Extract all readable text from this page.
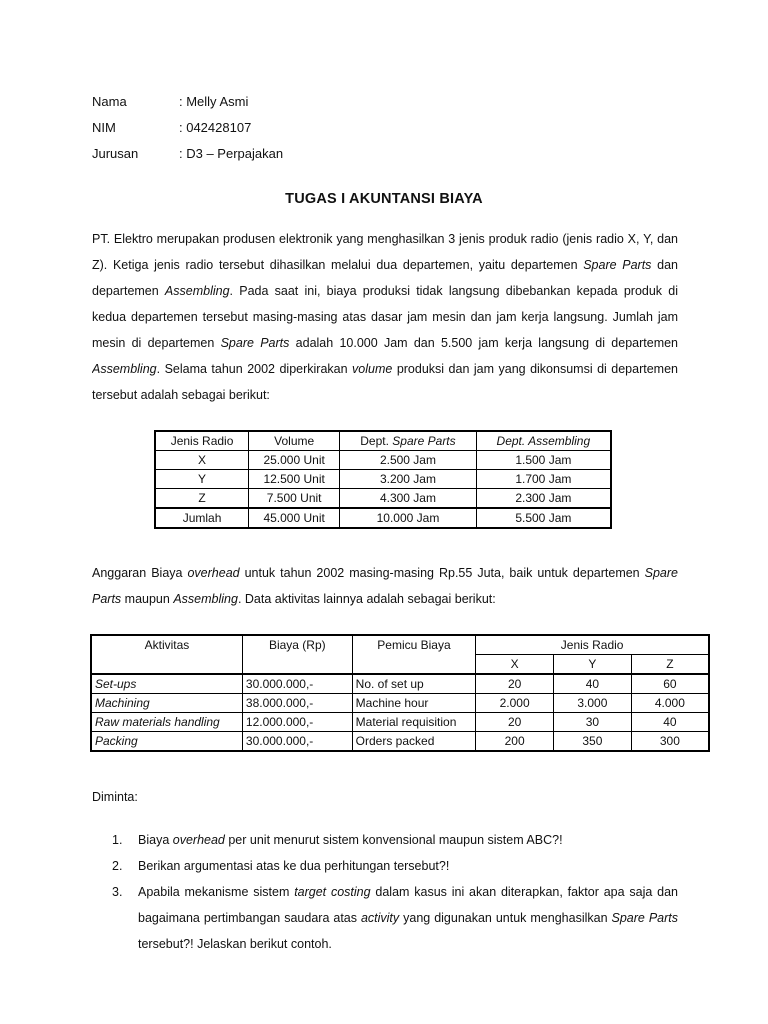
Nama	: Melly Asmi
NIM	: 042428107
Jurusan	: D3 – Perpajakan
TUGAS I AKUNTANSI BIAYA
PT. Elektro merupakan produsen elektronik yang menghasilkan 3 jenis produk radio (jenis radio X, Y, dan
Z). Ketiga jenis radio tersebut dihasilkan melalui dua departemen, yaitu departemen Spare Parts dan
departemen Assembling. Pada saat ini, biaya produksi tidak langsung dibebankan kepada produk di
kedua departemen tersebut masing-masing atas dasar jam mesin dan jam kerja langsung. Jumlah jam
mesin di departemen Spare Parts adalah 10.000 Jam dan 5.500 jam kerja langsung di departemen
Assembling. Selama tahun 2002 diperkirakan volume produksi dan jam yang dikonsumsi di departemen
tersebut adalah sebagai berikut:
Jenis Radio	Volume	Dept. Spare Parts	Dept. Assembling
X	25.000 Unit	2.500 Jam	1.500 Jam
Y	12.500 Unit	3.200 Jam	1.700 Jam
Z	7.500 Unit	4.300 Jam	2.300 Jam
Jumlah	45.000 Unit	10.000 Jam	5.500 Jam
Anggaran Biaya overhead untuk tahun 2002 masing-masing Rp.55 Juta, baik untuk departemen Spare
Parts maupun Assembling. Data aktivitas lainnya adalah sebagai berikut:
Aktivitas	Biaya (Rp)	Pemicu Biaya	Jenis Radio		
			X	Y	Z
Set-ups	30.000.000,-	No. of set up	20	40	60
Machining	38.000.000,-	Machine hour	2.000	3.000	4.000
Raw materials handling	12.000.000,-	Material requisition	20	30	40
Packing	30.000.000,-	Orders packed	200	350	300
Diminta:
1. Biaya overhead per unit menurut sistem konvensional maupun sistem ABC?!
2. Berikan argumentasi atas ke dua perhitungan tersebut?!
3. Apabila mekanisme sistem target costing dalam kasus ini akan diterapkan, faktor apa saja dan
bagaimana pertimbangan saudara atas activity yang digunakan untuk menghasilkan Spare Parts
tersebut?! Jelaskan berikut contoh.
